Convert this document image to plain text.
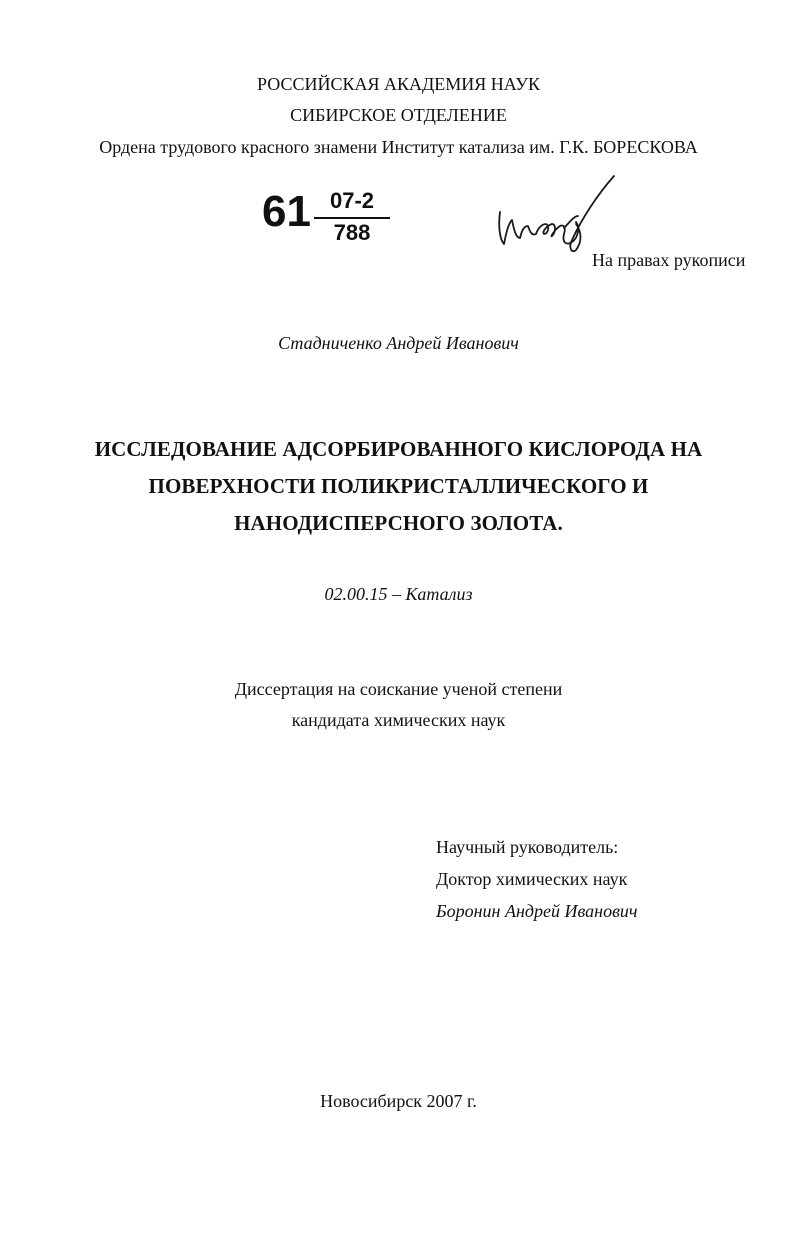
РОССИЙСКАЯ АКАДЕМИЯ НАУК
СИБИРСКОЕ ОТДЕЛЕНИЕ
Ордена трудового красного знамени Институт катализа им. Г.К. БОРЕСКОВА
61 07-2
788
На правах рукописи
Стадниченко Андрей Иванович
ИССЛЕДОВАНИЕ АДСОРБИРОВАННОГО КИСЛОРОДА НА
ПОВЕРХНОСТИ ПОЛИКРИСТАЛЛИЧЕСКОГО И
НАНОДИСПЕРСНОГО ЗОЛОТА.
02.00.15 – Катализ
Диссертация на соискание ученой степени
кандидата химических наук
Научный руководитель:
Доктор химических наук
Боронин Андрей Иванович
Новосибирск 2007 г.
